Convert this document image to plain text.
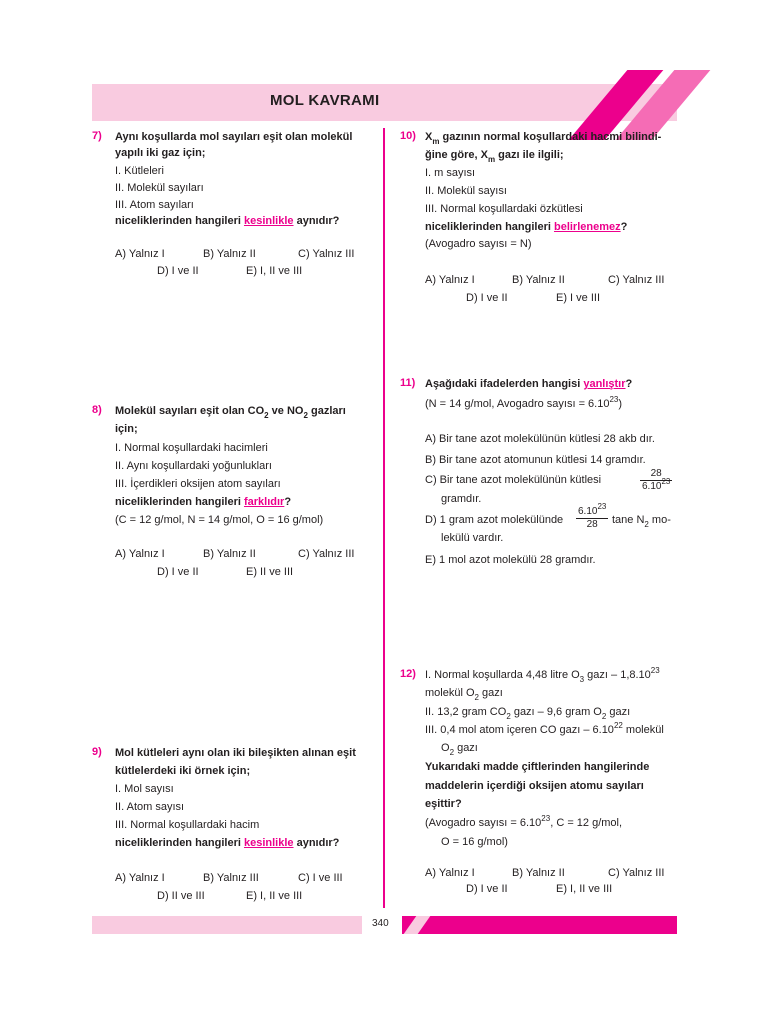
MOL KAVRAMI
7) Aynı koşullarda mol sayıları eşit olan molekül
yapılı iki gaz için;
I. Kütleleri
II. Molekül sayıları
III. Atom sayıları
niceliklerinden hangileri kesinlikle aynıdır?
A) Yalnız I	B) Yalnız II	C) Yalnız III
D) I ve II	E) I, II ve III
8) Molekül sayıları eşit olan $CO_2$ ve $NO_2$ gazları
için;
I. Normal koşullardaki hacimleri
II. Aynı koşullardaki yoğunlukları
III. İçerdikleri oksijen atom sayıları
niceliklerinden hangileri farklıdır?
(C = 12 g/mol, N = 14 g/mol, O = 16 g/mol)
A) Yalnız I	B) Yalnız II	C) Yalnız III
D) I ve II	E) II ve III
9) Mol kütleleri aynı olan iki bileşikten alınan eşit
kütlelerdeki iki örnek için;
I. Mol sayısı
II. Atom sayısı
III. Normal koşullardaki hacim
niceliklerinden hangileri kesinlikle aynıdır?
A) Yalnız I	B) Yalnız III	C) I ve III
D) II ve III	E) I, II ve III
10) $X_m$ gazının normal koşullardaki hacmi bilindi-
ğine göre, $X_m$ gazı ile ilgili;
I. m sayısı
II. Molekül sayısı
III. Normal koşullardaki özkütlesi
niceliklerinden hangileri belirlenemez?
(Avogadro sayısı = N)
A) Yalnız I	B) Yalnız II	C) Yalnız III
D) I ve II	E) I ve III
11) Aşağıdaki ifadelerden hangisi yanlıştır?
(N = 14 g/mol, Avogadro sayısı = $6.10^{23}$)
A) Bir tane azot molekülünün kütlesi 28 akb dır.
B) Bir tane azot atomunun kütlesi 14 gramdır.
C) Bir tane azot molekülünün kütlesi	$\frac{28}{6.10^{23}}$
gramdır.
D) 1 gram azot molekülünde $\frac{6.10^{23}}{28}$ tane $N_2$ mo-
lekülü vardır.
E) 1 mol azot molekülü 28 gramdır.
12) I. Normal koşullarda 4,48 litre $O_3$ gazı – 1,8.10$^{23}$
molekül $O_2$ gazı
II. 13,2 gram $CO_2$ gazı – 9,6 gram $O_2$ gazı
III. 0,4 mol atom içeren CO gazı – 6.10$^{22}$ molekül
$O_2$ gazı
Yukarıdaki madde çiftlerinden hangilerinde
maddelerin içerdiği oksijen atomu sayıları
eşittir?
(Avogadro sayısı = $6.10^{23}$, C = 12 g/mol,
O = 16 g/mol)
A) Yalnız I	B) Yalnız II	C) Yalnız III
D) I ve II	E) I, II ve III
340
